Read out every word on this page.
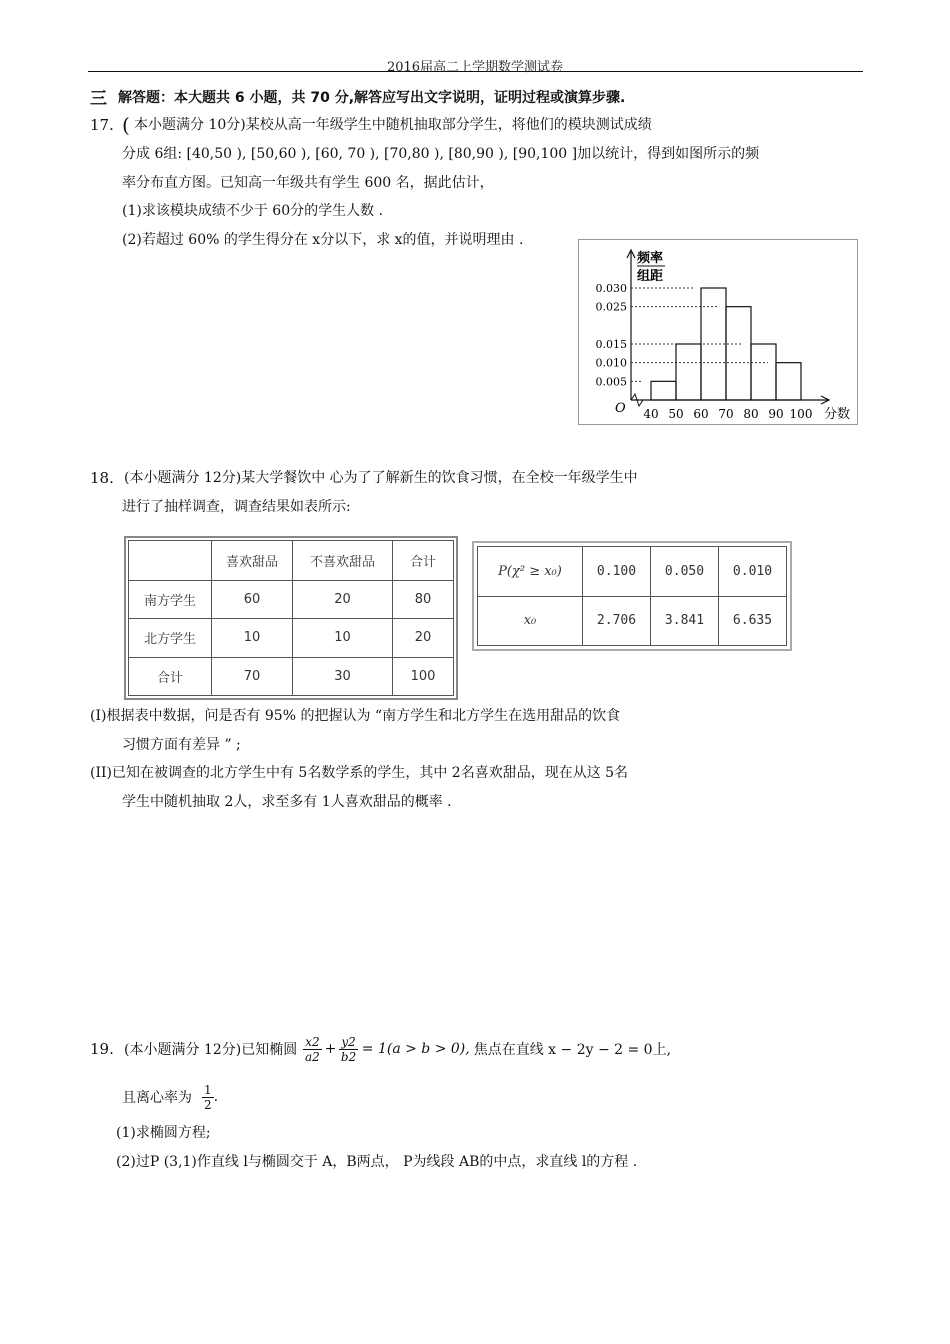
2016届高二上学期数学测试卷
三 解答题：本大题共 6 小题，共 70 分,解答应写出文字说明，证明过程或演算步骤.
17. ( 本小题满分 10分)某校从高一年级学生中随机抽取部分学生，将他们的模块测试成绩
分成 6组: [40,50 ), [50,60 ), [60, 70 ), [70,80 ), [80,90 ), [90,100 ]加以统计，得到如图所示的频
率分布直方图。已知高一年级共有学生 600 名，据此估计，
(1)求该模块成绩不少于 60分的学生人数 .
(2)若超过 60% 的学生得分在 x分以下，求 x的值，并说明理由 .
频率
组距
O
0.005
0.010
0.015
0.025
0.030
40 50 60 70 80 90 100 分数
18. (本小题满分 12分)某大学餐饮中 心为了了解新生的饮食习惯，在全校一年级学生中
进行了抽样调查，调查结果如表所示:
	喜欢甜品	不喜欢甜品	合计
南方学生	60	20	80
北方学生	10	10	20
合计	70	30	100
P(χ² ≥ x₀)	0.100	0.050	0.010
x₀	2.706	3.841	6.635
(I)根据表中数据，问是否有 95% 的把握认为 “南方学生和北方学生在选用甜品的饮食
习惯方面有差异 ” ;
(II)已知在被调查的北方学生中有 5名数学系的学生，其中 2名喜欢甜品，现在从这 5名
学生中随机抽取 2人，求至多有 1人喜欢甜品的概率 .
19. (本小题满分 12分)已知椭圆 $\frac{x2}{a2} + \frac{y2}{b2} = 1(a > b > 0)$, 焦点在直线 x − 2y − 2 = 0上,
且离心率为 $\frac{1}{2}$ .
(1)求椭圆方程;
(2)过P (3,1)作直线 l与椭圆交于 A，B两点， P为线段 AB的中点，求直线 l的方程 .
